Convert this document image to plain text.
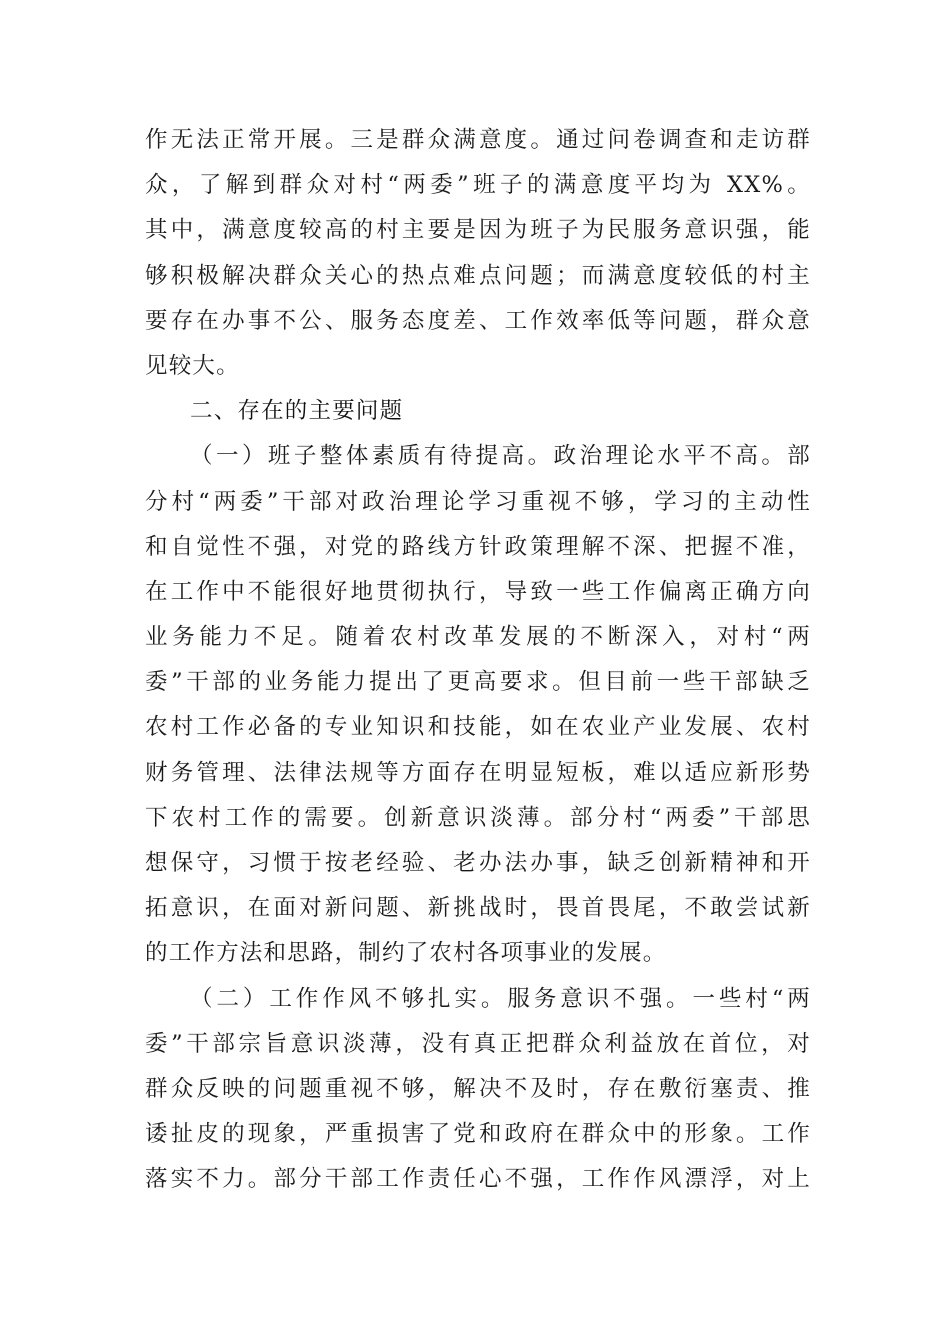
作无法正常开展。三是群众满意度。通过问卷调查和走访群
众，了解到群众对村“两委”班子的满意度平均为 XX%。
其中，满意度较高的村主要是因为班子为民服务意识强，能
够积极解决群众关心的热点难点问题；而满意度较低的村主
要存在办事不公、服务态度差、工作效率低等问题，群众意
见较大。
二、存在的主要问题
（一）班子整体素质有待提高。政治理论水平不高。部
分村“两委”干部对政治理论学习重视不够，学习的主动性
和自觉性不强，对党的路线方针政策理解不深、把握不准，
在工作中不能很好地贯彻执行，导致一些工作偏离正确方向
业务能力不足。随着农村改革发展的不断深入，对村“两
委”干部的业务能力提出了更高要求。但目前一些干部缺乏
农村工作必备的专业知识和技能，如在农业产业发展、农村
财务管理、法律法规等方面存在明显短板，难以适应新形势
下农村工作的需要。创新意识淡薄。部分村“两委”干部思
想保守，习惯于按老经验、老办法办事，缺乏创新精神和开
拓意识，在面对新问题、新挑战时，畏首畏尾，不敢尝试新
的工作方法和思路，制约了农村各项事业的发展。
（二）工作作风不够扎实。服务意识不强。一些村“两
委”干部宗旨意识淡薄，没有真正把群众利益放在首位，对
群众反映的问题重视不够，解决不及时，存在敷衍塞责、推
诿扯皮的现象，严重损害了党和政府在群众中的形象。工作
落实不力。部分干部工作责任心不强，工作作风漂浮，对上
